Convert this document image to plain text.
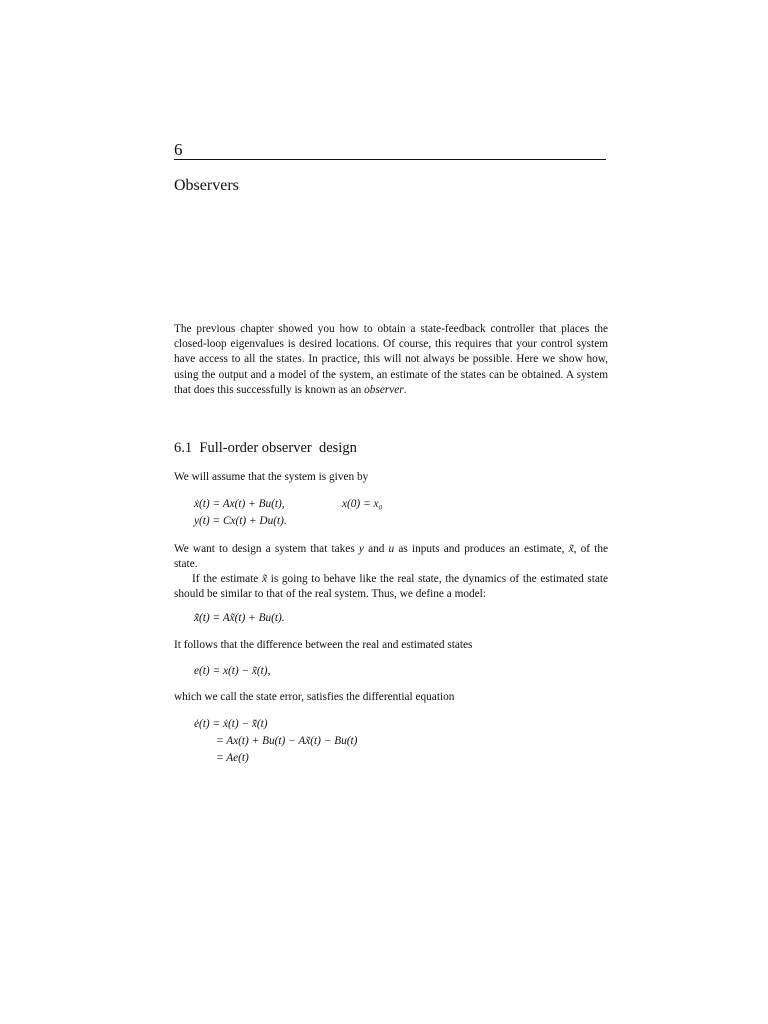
6
Observers

The previous chapter showed you how to obtain a state-feedback controller that places the closed-loop eigenvalues is desired locations. Of course, this requires that your control system have access to all the states. In practice, this will not always be possible. Here we show how, using the output and a model of the system, an estimate of the states can be obtained. A system that does this successfully is known as an observer.

6.1 Full-order observer  design

We will assume that the system is given by

ẋ(t) = Ax(t) + Bu(t),	x(0) = x₀
y(t) = Cx(t) + Du(t).

We want to design a system that takes y and u as inputs and produces an estimate, x̃, of the state.

If the estimate x̃ is going to behave like the real state, the dynamics of the estimated state should be similar to that of the real system. Thus, we define a model:

x̃̇(t) = Ax̃(t) + Bu(t).

It follows that the difference between the real and estimated states

e(t) = x(t) − x̃(t),

which we call the state error, satisfies the differential equation

ė(t) = ẋ(t) − x̃̇(t)
= Ax(t) + Bu(t) − Ax̃(t) − Bu(t)
= Ae(t)
